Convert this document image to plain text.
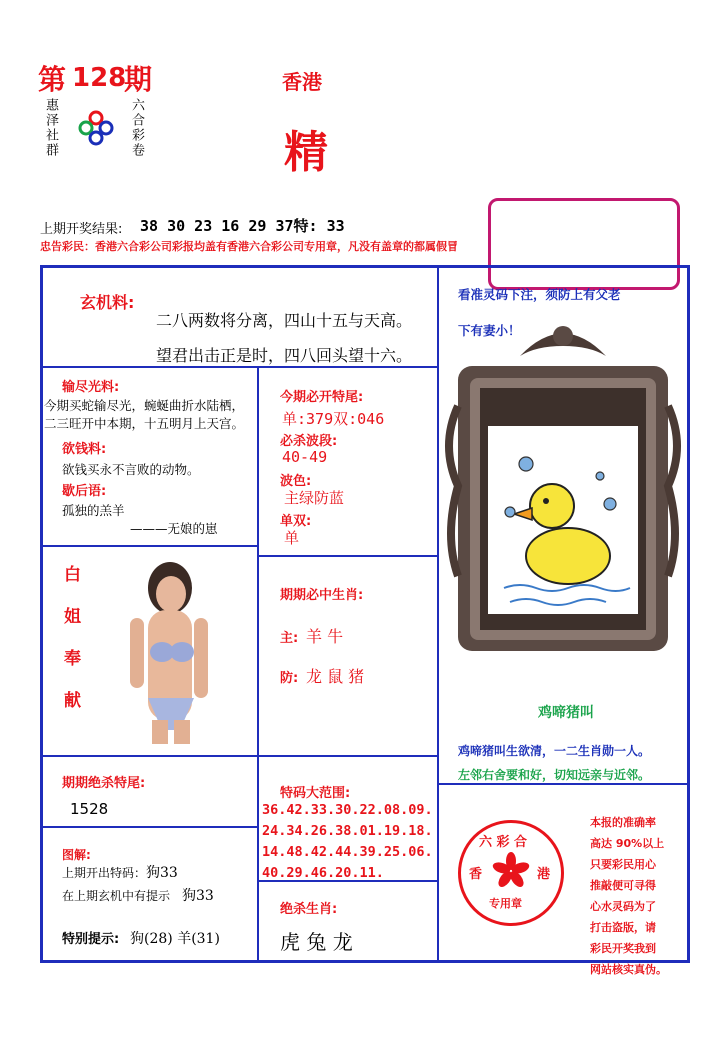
第 128
期
惠泽社群	六合彩卷
香港
精
上期开奖结果: 38 30 23 16 29 37特: 33
忠告彩民：香港六合彩公司彩报均盖有香港六合彩公司专用章，凡没有盖章的都属假冒
玄机料:
二八两数将分离，四山十五与天高。
望君出击正是时，四八回头望十六。
输尽光料:
今期买蛇输尽光，蜿蜒曲折水陆栖，
二三旺开中本期，十五明月上天宫。
欲钱料:
欲钱买永不言败的动物。
歇后语:
孤独的羔羊
———无娘的崽
白
姐
奉
献
今期必开特尾:
单:379双:046
必杀波段:
40-49
波色:
主绿防蓝
单双:
单
期期必中生肖:
主: 羊 牛
防: 龙 鼠 猪
看准灵码下注，须防上有父老
下有妻小！
鸡啼猪叫
鸡啼猪叫生欲清，一二生肖勋一人。
左邻右舍要和好，切知远亲与近邻。
期期绝杀特尾:
1528
特码大范围:
36.42.33.30.22.08.09.
24.34.26.38.01.19.18.
14.48.42.44.39.25.06.
40.29.46.20.11.
图解:
上期开出特码： 狗33
在上期玄机中有提示 狗33
特别提示: 狗(28) 羊(31)
绝杀生肖:
虎 兔 龙
六 彩 合
香	港
专用章
本报的准确率
高达 90%以上
只要彩民用心
推敲便可寻得
心水灵码为了
打击盗版，请
彩民开奖我到
网站核实真伪。
